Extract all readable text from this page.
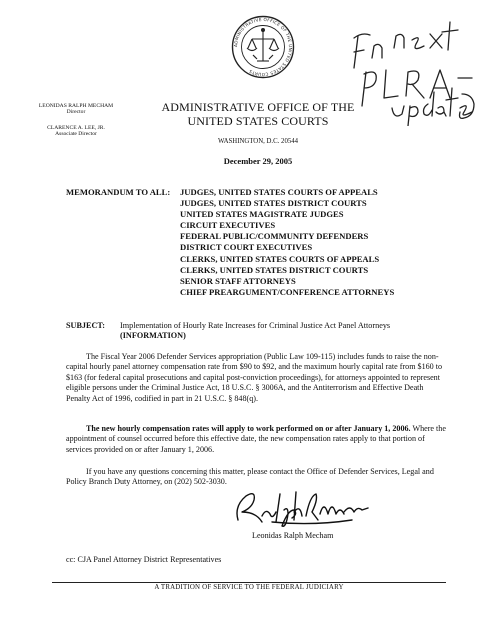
ADMINISTRATIVE OFFICE OF THE UNITED STATES COURTS
LEONIDAS RALPH MECHAM
Director
CLARENCE A. LEE, JR.
Associate Director
ADMINISTRATIVE OFFICE OF THE
UNITED STATES COURTS
WASHINGTON, D.C. 20544
December 29, 2005
MEMORANDUM TO ALL: JUDGES, UNITED STATES COURTS OF APPEALS
JUDGES, UNITED STATES DISTRICT COURTS
UNITED STATES MAGISTRATE JUDGES
CIRCUIT EXECUTIVES
FEDERAL PUBLIC/COMMUNITY DEFENDERS
DISTRICT COURT EXECUTIVES
CLERKS, UNITED STATES COURTS OF APPEALS
CLERKS, UNITED STATES DISTRICT COURTS
SENIOR STAFF ATTORNEYS
CHIEF PREARGUMENT/CONFERENCE ATTORNEYS
SUBJECT: Implementation of Hourly Rate Increases for Criminal Justice Act Panel Attorneys (INFORMATION)
The Fiscal Year 2006 Defender Services appropriation (Public Law 109-115) includes funds to raise the non-capital hourly panel attorney compensation rate from $90 to $92, and the maximum hourly capital rate from $160 to $163 (for federal capital prosecutions and capital post-conviction proceedings), for attorneys appointed to represent eligible persons under the Criminal Justice Act, 18 U.S.C. § 3006A, and the Antiterrorism and Effective Death Penalty Act of 1996, codified in part in 21 U.S.C. § 848(q).
The new hourly compensation rates will apply to work performed on or after January 1, 2006. Where the appointment of counsel occurred before this effective date, the new compensation rates apply to that portion of services provided on or after January 1, 2006.
If you have any questions concerning this matter, please contact the Office of Defender Services, Legal and Policy Branch Duty Attorney, on (202) 502-3030.
Leonidas Ralph Mecham
cc: CJA Panel Attorney District Representatives
A TRADITION OF SERVICE TO THE FEDERAL JUDICIARY
